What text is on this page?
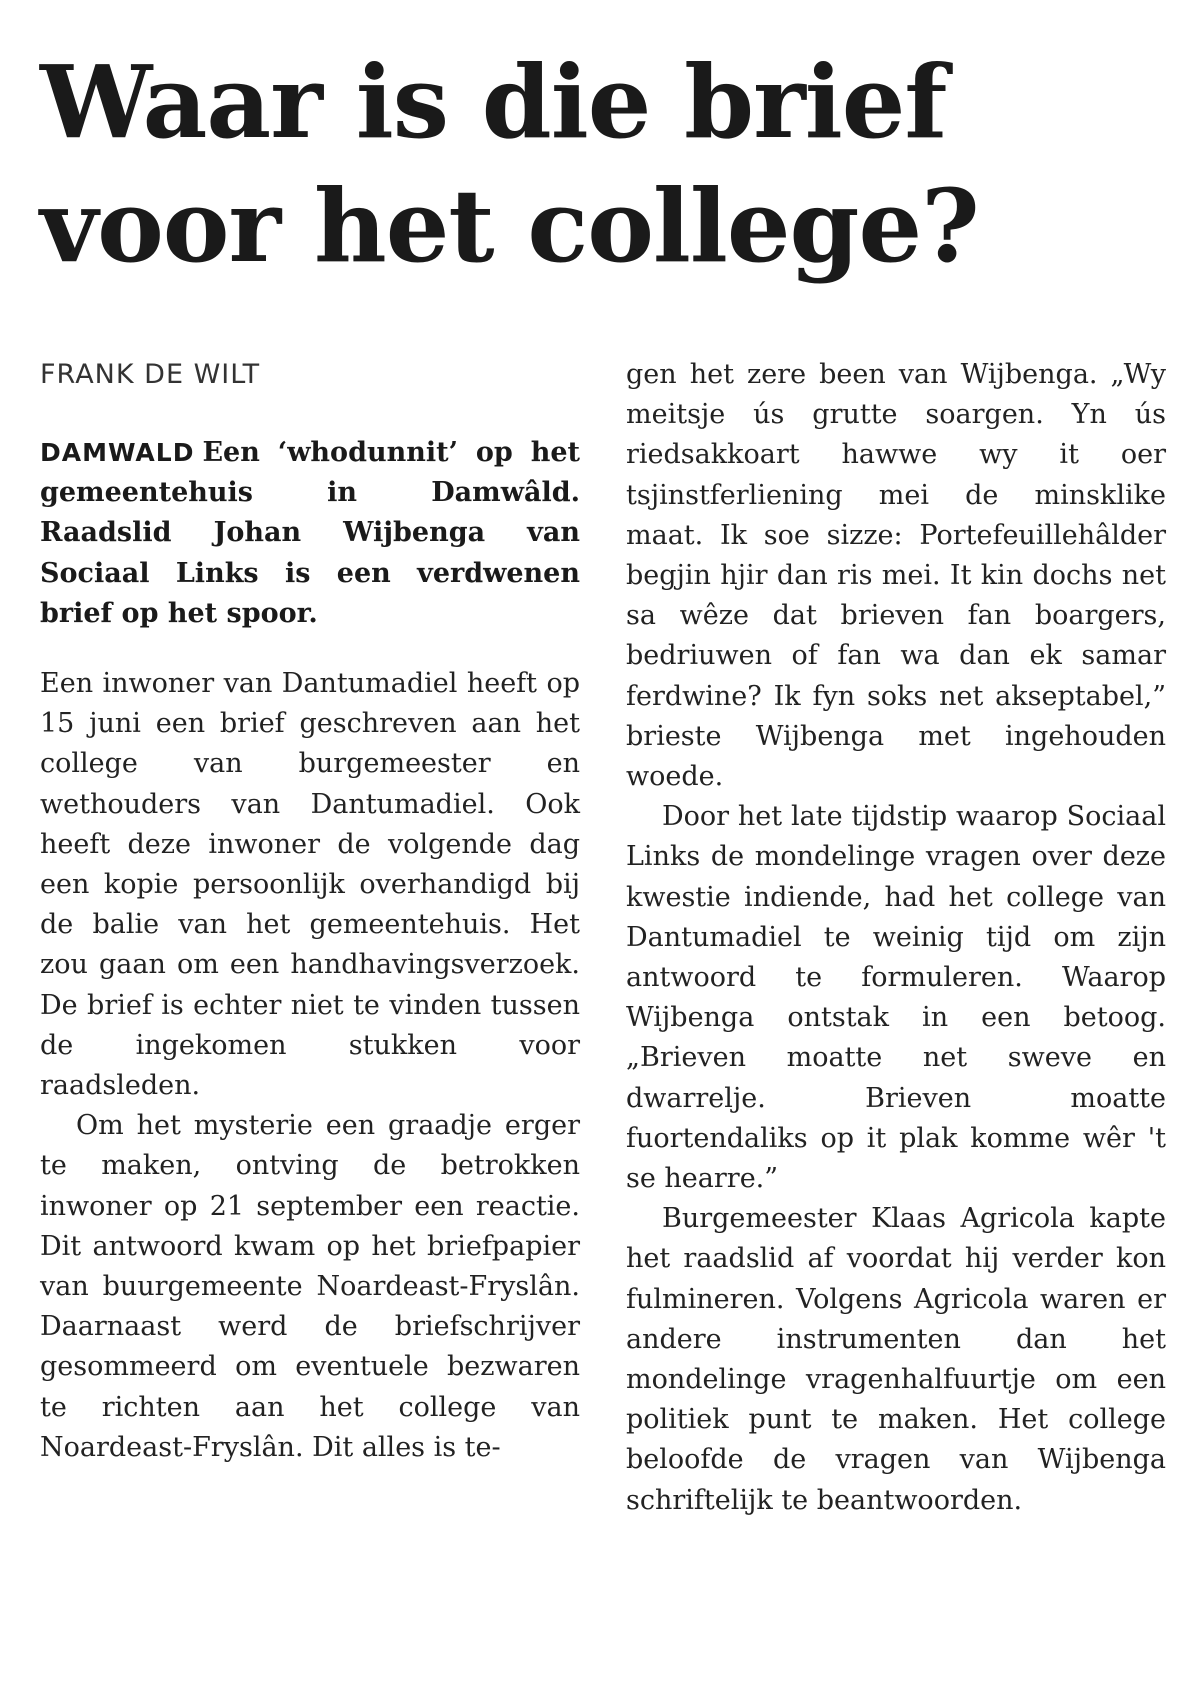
Waar is die brief
voor het college?
FRANK DE WILT

DAMWALD Een ‘whodunnit’ op het gemeentehuis in Damwâld. Raadslid Johan Wijbenga van Sociaal Links is een verdwenen brief op het spoor.

Een inwoner van Dantumadiel heeft op 15 juni een brief geschreven aan het college van burgemeester en wethouders van Dantumadiel. Ook heeft deze inwoner de volgende dag een kopie persoonlijk overhandigd bij de balie van het gemeentehuis. Het zou gaan om een handhavingsverzoek. De brief is echter niet te vinden tussen de ingekomen stukken voor raadsleden.

Om het mysterie een graadje erger te maken, ontving de betrokken inwoner op 21 september een reactie. Dit antwoord kwam op het briefpapier van buurgemeente Noardeast-Fryslân. Daarnaast werd de briefschrijver gesommeerd om eventuele bezwaren te richten aan het college van Noardeast-Fryslân. Dit alles is te-

gen het zere been van Wijbenga. „Wy meitsje ús grutte soargen. Yn ús riedsakkoart hawwe wy it oer tsjinstferliening mei de minsklike maat. Ik soe sizze: Portefeuillehâlder begjin hjir dan ris mei. It kin dochs net sa wêze dat brieven fan boargers, bedriuwen of fan wa dan ek samar ferdwine? Ik fyn soks net akseptabel,” brieste Wijbenga met ingehouden woede.

Door het late tijdstip waarop Sociaal Links de mondelinge vragen over deze kwestie indiende, had het college van Dantumadiel te weinig tijd om zijn antwoord te formuleren. Waarop Wijbenga ontstak in een betoog. „Brieven moatte net sweve en dwarrelje. Brieven moatte fuortendaliks op it plak komme wêr 't se hearre.”

Burgemeester Klaas Agricola kapte het raadslid af voordat hij verder kon fulmineren. Volgens Agricola waren er andere instrumenten dan het mondelinge vragenhalfuurtje om een politiek punt te maken. Het college beloofde de vragen van Wijbenga schriftelijk te beantwoorden.
